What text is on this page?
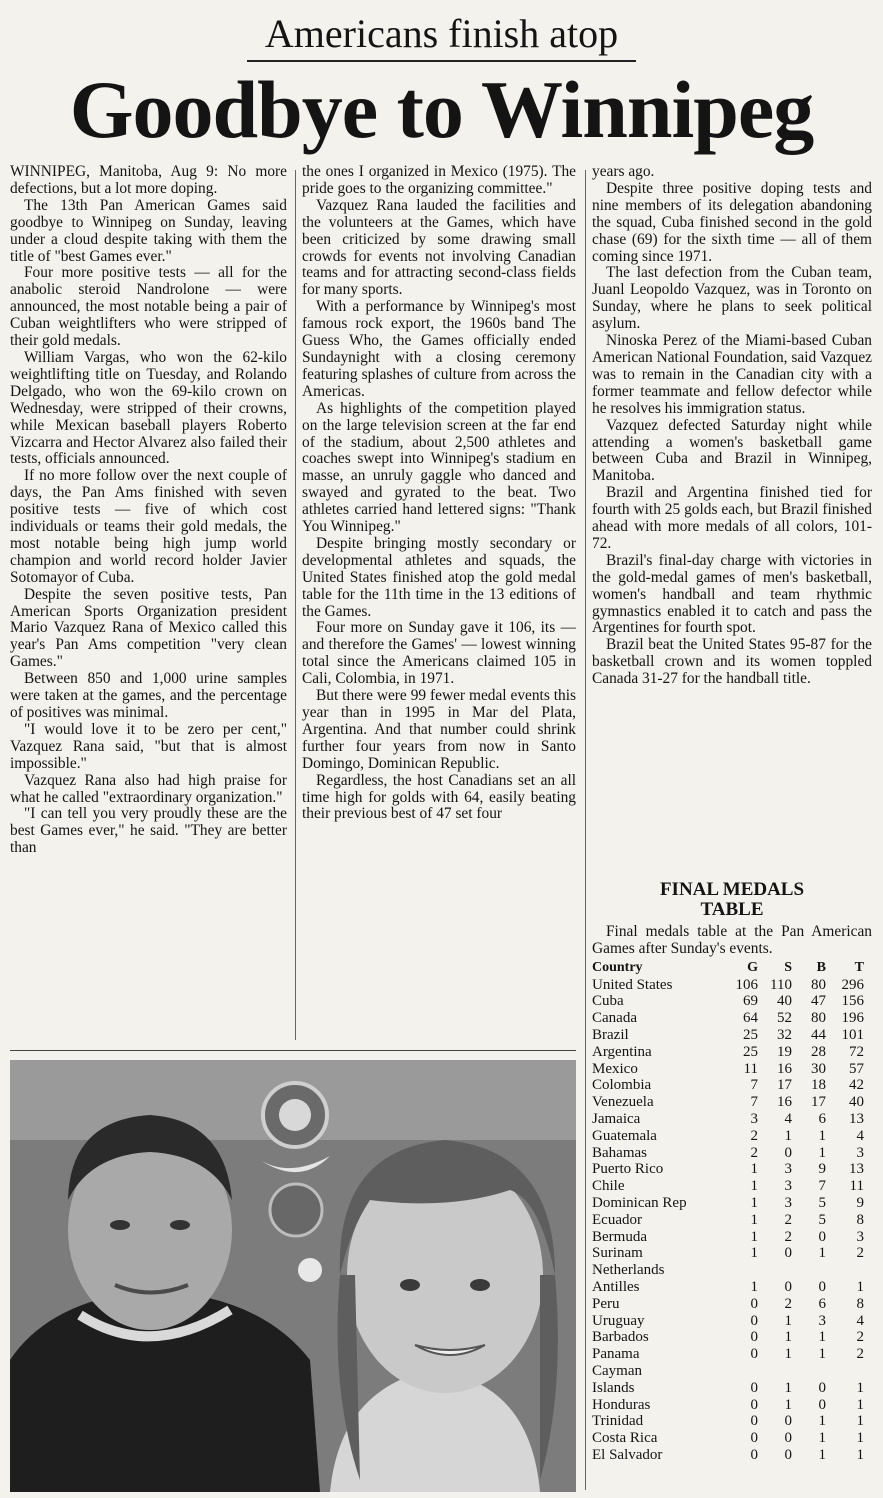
Americans finish atop
Goodbye to Winnipeg

WINNIPEG, Manitoba, Aug 9: No more defections, but a lot more doping.

The 13th Pan American Games said goodbye to Winnipeg on Sunday, leaving under a cloud despite taking with them the title of "best Games ever."

Four more positive tests — all for the anabolic steroid Nandrolone — were announced, the most notable being a pair of Cuban weightlifters who were stripped of their gold medals.

William Vargas, who won the 62-kilo weightlifting title on Tuesday, and Rolando Delgado, who won the 69-kilo crown on Wednesday, were stripped of their crowns, while Mexican baseball players Roberto Vizcarra and Hector Alvarez also failed their tests, officials announced.

If no more follow over the next couple of days, the Pan Ams finished with seven positive tests — five of which cost individuals or teams their gold medals, the most notable being high jump world champion and world record holder Javier Sotomayor of Cuba.

Despite the seven positive tests, Pan American Sports Organization president Mario Vazquez Rana of Mexico called this year's Pan Ams competition "very clean Games."

Between 850 and 1,000 urine samples were taken at the games, and the percentage of positives was minimal.

"I would love it to be zero per cent," Vazquez Rana said, "but that is almost impossible."

Vazquez Rana also had high praise for what he called "extraordinary organization."

"I can tell you very proudly these are the best Games ever," he said. "They are better than

the ones I organized in Mexico (1975). The pride goes to the organizing committee."

Vazquez Rana lauded the facilities and the volunteers at the Games, which have been criticized by some drawing small crowds for events not involving Canadian teams and for attracting second-class fields for many sports.

With a performance by Winnipeg's most famous rock export, the 1960s band The Guess Who, the Games officially ended Sundaynight with a closing ceremony featuring splashes of culture from across the Americas.

As highlights of the competition played on the large television screen at the far end of the stadium, about 2,500 athletes and coaches swept into Winnipeg's stadium en masse, an unruly gaggle who danced and swayed and gyrated to the beat. Two athletes carried hand lettered signs: "Thank You Winnipeg."

Despite bringing mostly secondary or developmental athletes and squads, the United States finished atop the gold medal table for the 11th time in the 13 editions of the Games.

Four more on Sunday gave it 106, its — and therefore the Games' — lowest winning total since the Americans claimed 105 in Cali, Colombia, in 1971.

But there were 99 fewer medal events this year than in 1995 in Mar del Plata, Argentina. And that number could shrink further four years from now in Santo Domingo, Dominican Republic.

Regardless, the host Canadians set an all time high for golds with 64, easily beating their previous best of 47 set four

years ago.

Despite three positive doping tests and nine members of its delegation abandoning the squad, Cuba finished second in the gold chase (69) for the sixth time — all of them coming since 1971.

The last defection from the Cuban team, Juanl Leopoldo Vazquez, was in Toronto on Sunday, where he plans to seek political asylum.

Ninoska Perez of the Miami-based Cuban American National Foundation, said Vazquez was to remain in the Canadian city with a former teammate and fellow defector while he resolves his immigration status.

Vazquez defected Saturday night while attending a women's basketball game between Cuba and Brazil in Winnipeg, Manitoba.

Brazil and Argentina finished tied for fourth with 25 golds each, but Brazil finished ahead with more medals of all colors, 101-72.

Brazil's final-day charge with victories in the gold-medal games of men's basketball, women's handball and team rhythmic gymnastics enabled it to catch and pass the Argentines for fourth spot.

Brazil beat the United States 95-87 for the basketball crown and its women toppled Canada 31-27 for the handball title.

FINAL MEDALS
TABLE
Final medals table at the Pan American Games after Sunday's events.
Country	G	S	B	T
United States	106	110	80	296
Cuba	69	40	47	156
Canada	64	52	80	196
Brazil	25	32	44	101
Argentina	25	19	28	72
Mexico	11	16	30	57
Colombia	7	17	18	42
Venezuela	7	16	17	40
Jamaica	3	4	6	13
Guatemala	2	1	1	4
Bahamas	2	0	1	3
Puerto Rico	1	3	9	13
Chile	1	3	7	11
Dominican Rep	1	3	5	9
Ecuador	1	2	5	8
Bermuda	1	2	0	3
Surinam	1	0	1	2
Netherlands				
Antilles	1	0	0	1
Peru	0	2	6	8
Uruguay	0	1	3	4
Barbados	0	1	1	2
Panama	0	1	1	2
Cayman				
Islands	0	1	0	1
Honduras	0	1	0	1
Trinidad	0	0	1	1
Costa Rica	0	0	1	1
El Salvador	0	0	1	1
